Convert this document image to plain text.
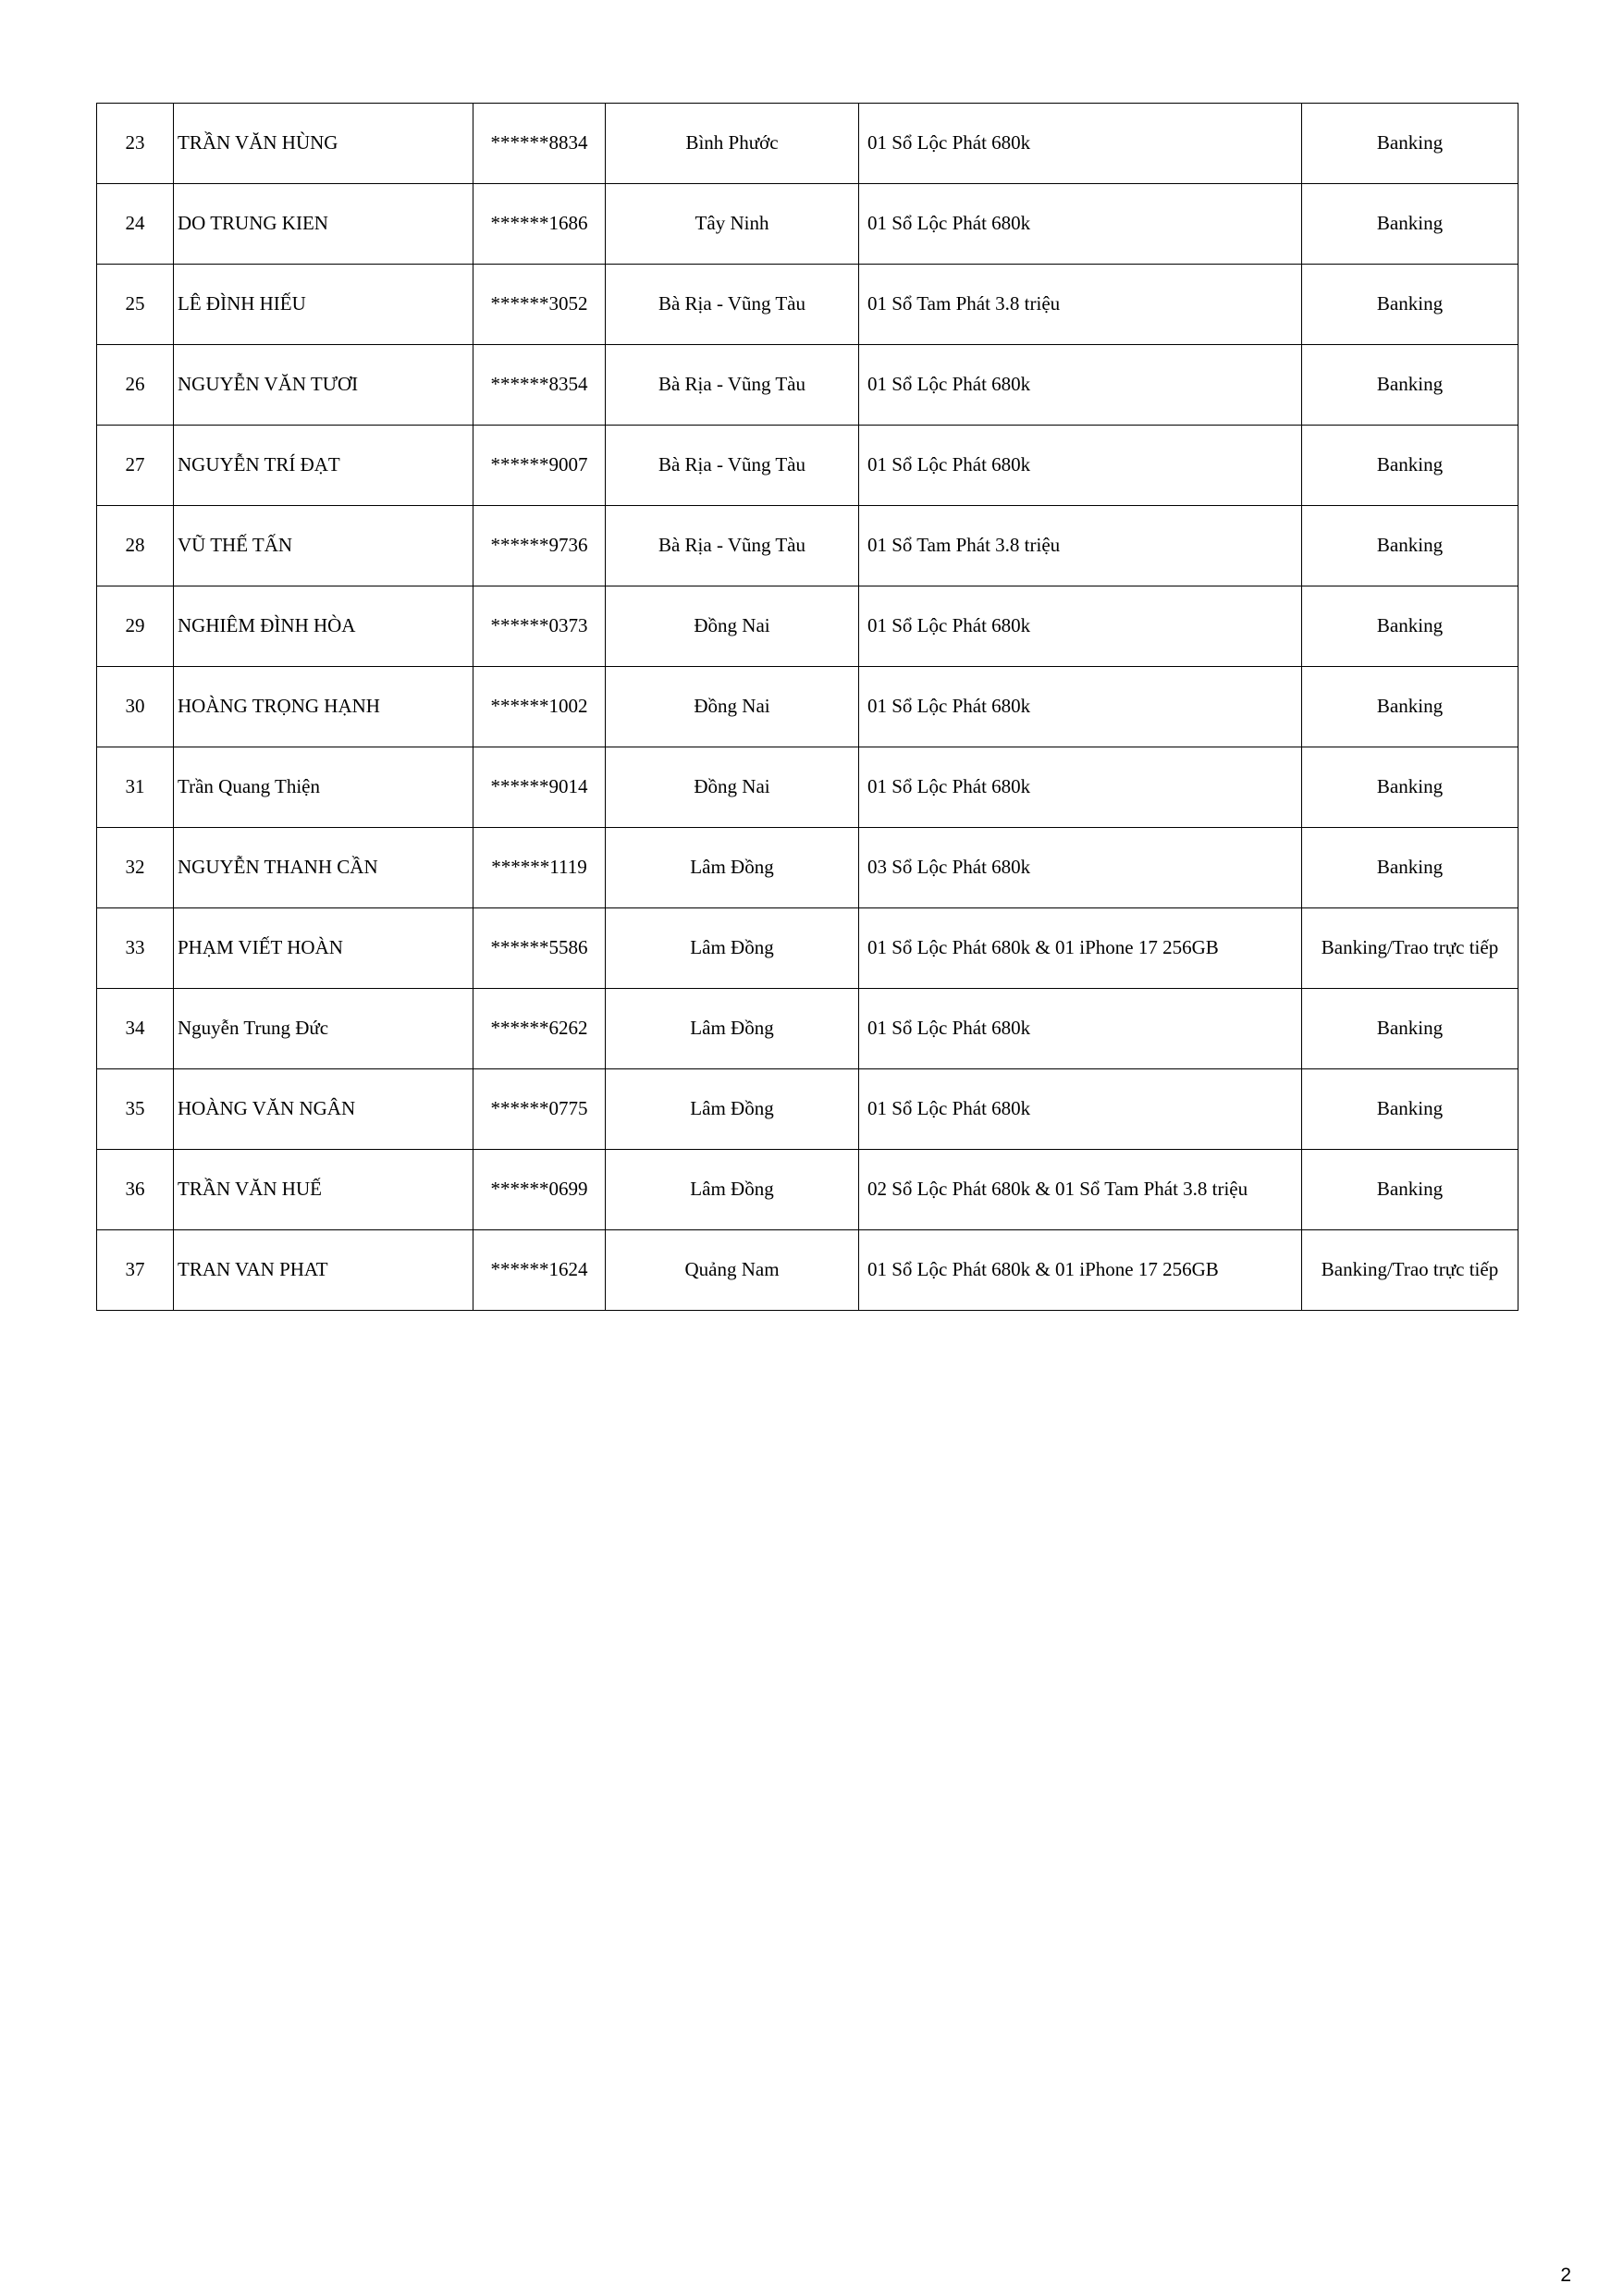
23	TRẦN VĂN HÙNG	******8834	Bình Phước	01 Sổ Lộc Phát 680k	Banking
24	DO TRUNG KIEN	******1686	Tây Ninh	01 Sổ Lộc Phát 680k	Banking
25	LÊ ĐÌNH HIẾU	******3052	Bà Rịa - Vũng Tàu	01 Sổ Tam Phát 3.8 triệu	Banking
26	NGUYỄN VĂN TƯƠI	******8354	Bà Rịa - Vũng Tàu	01 Sổ Lộc Phát 680k	Banking
27	NGUYỄN TRÍ ĐẠT	******9007	Bà Rịa - Vũng Tàu	01 Sổ Lộc Phát 680k	Banking
28	VŨ THẾ TẤN	******9736	Bà Rịa - Vũng Tàu	01 Sổ Tam Phát 3.8 triệu	Banking
29	NGHIÊM ĐÌNH HÒA	******0373	Đồng Nai	01 Sổ Lộc Phát 680k	Banking
30	HOÀNG TRỌNG HẠNH	******1002	Đồng Nai	01 Sổ Lộc Phát 680k	Banking
31	Trần Quang Thiện	******9014	Đồng Nai	01 Sổ Lộc Phát 680k	Banking
32	NGUYỄN THANH CẦN	******1119	Lâm Đồng	03 Sổ Lộc Phát 680k	Banking
33	PHẠM VIẾT HOÀN	******5586	Lâm Đồng	01 Sổ Lộc Phát 680k & 01 iPhone 17 256GB	Banking/Trao trực tiếp
34	Nguyễn Trung Đức	******6262	Lâm Đồng	01 Sổ Lộc Phát 680k	Banking
35	HOÀNG VĂN NGÂN	******0775	Lâm Đồng	01 Sổ Lộc Phát 680k	Banking
36	TRẦN VĂN HUẾ	******0699	Lâm Đồng	02 Sổ Lộc Phát 680k & 01 Sổ Tam Phát 3.8 triệu	Banking
37	TRAN VAN PHAT	******1624	Quảng Nam	01 Sổ Lộc Phát 680k & 01 iPhone 17 256GB	Banking/Trao trực tiếp
2
